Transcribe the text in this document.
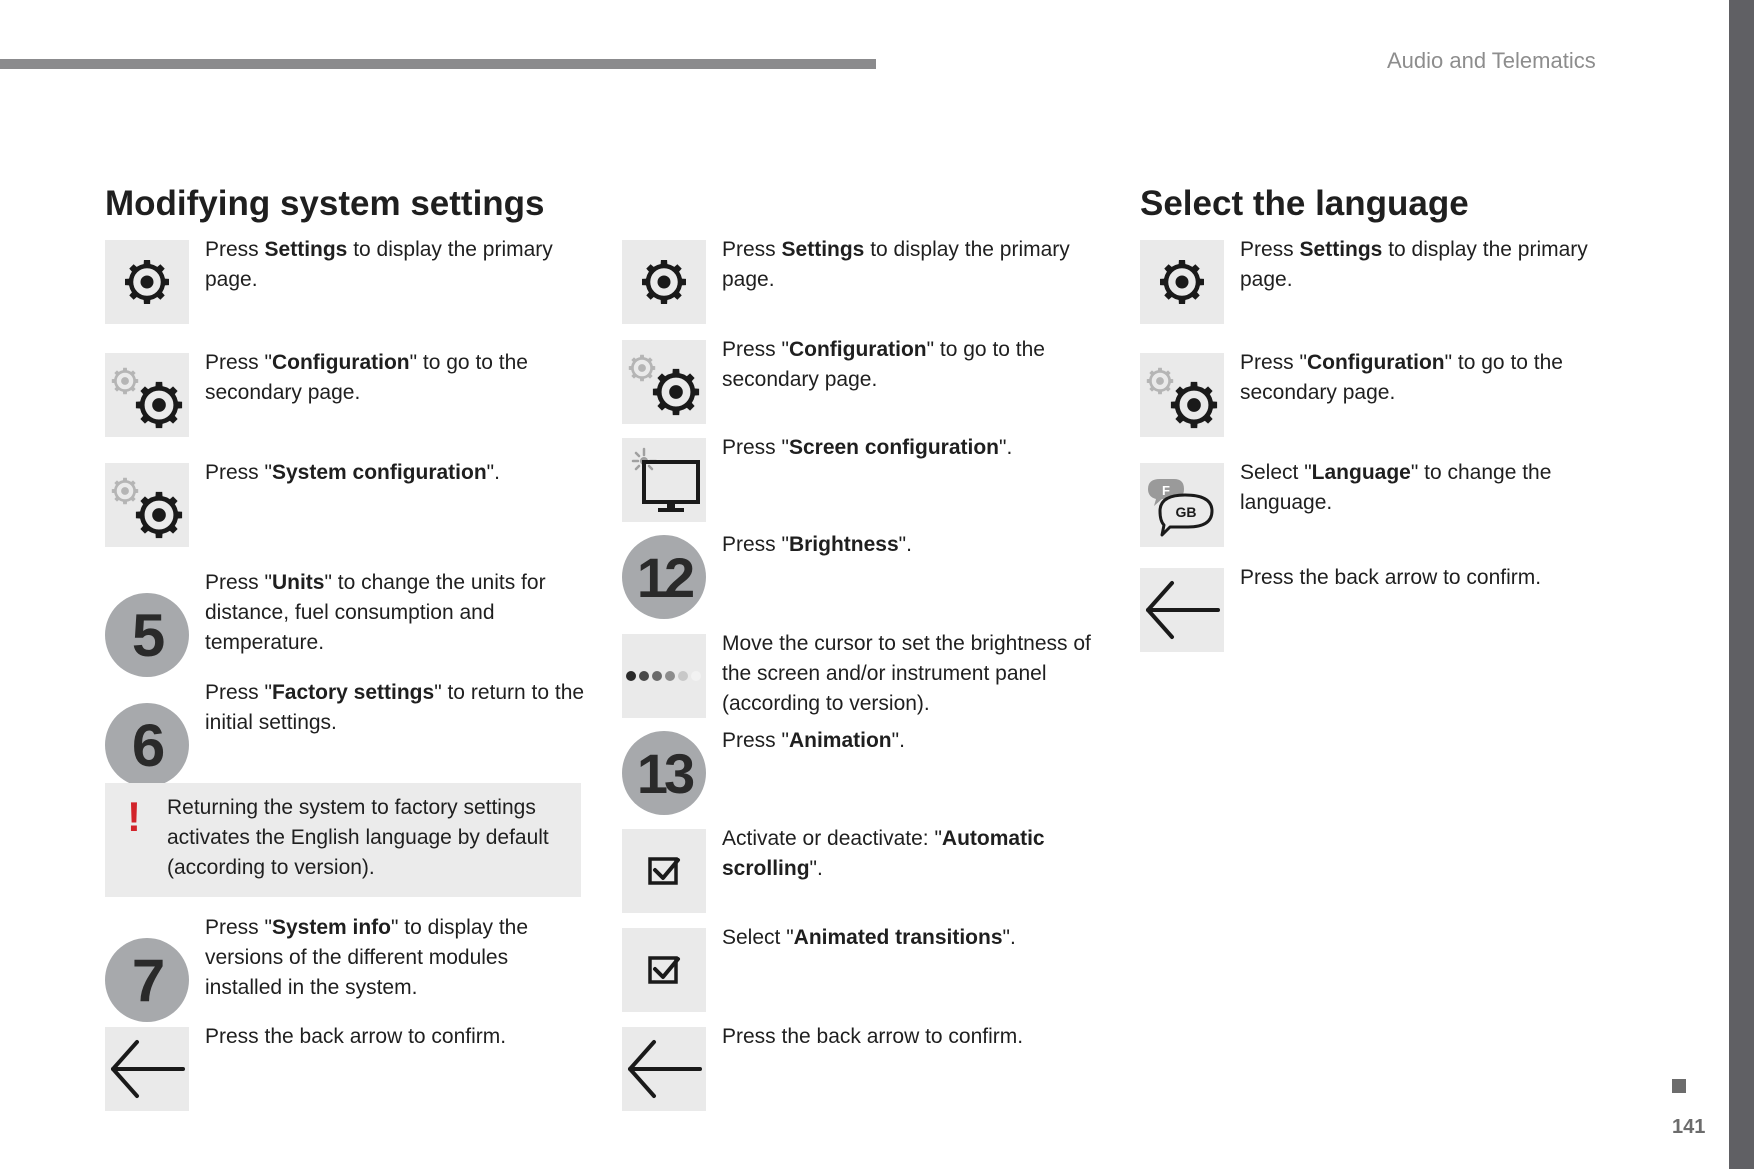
Audio and Telematics
Modifying system settings
Press Settings to display the primary page.
Press "Configuration" to go to the secondary page.
Press "System configuration".
5
Press "Units" to change the units for distance, fuel consumption and temperature.
6
Press "Factory settings" to return to the initial settings.
! Returning the system to factory settings activates the English language by default (according to version).
7
Press "System info" to display the versions of the different modules installed in the system.
Press the back arrow to confirm.
Press Settings to display the primary page.
Press "Configuration" to go to the secondary page.
Press "Screen configuration".
12
Press "Brightness".
Move the cursor to set the brightness of the screen and/or instrument panel (according to version).
13
Press "Animation".
Activate or deactivate: "Automatic scrolling".
Select "Animated transitions".
Press the back arrow to confirm.
Select the language
Press Settings to display the primary page.
Press "Configuration" to go to the secondary page.
F
GB
Select "Language" to change the language.
Press the back arrow to confirm.
141
